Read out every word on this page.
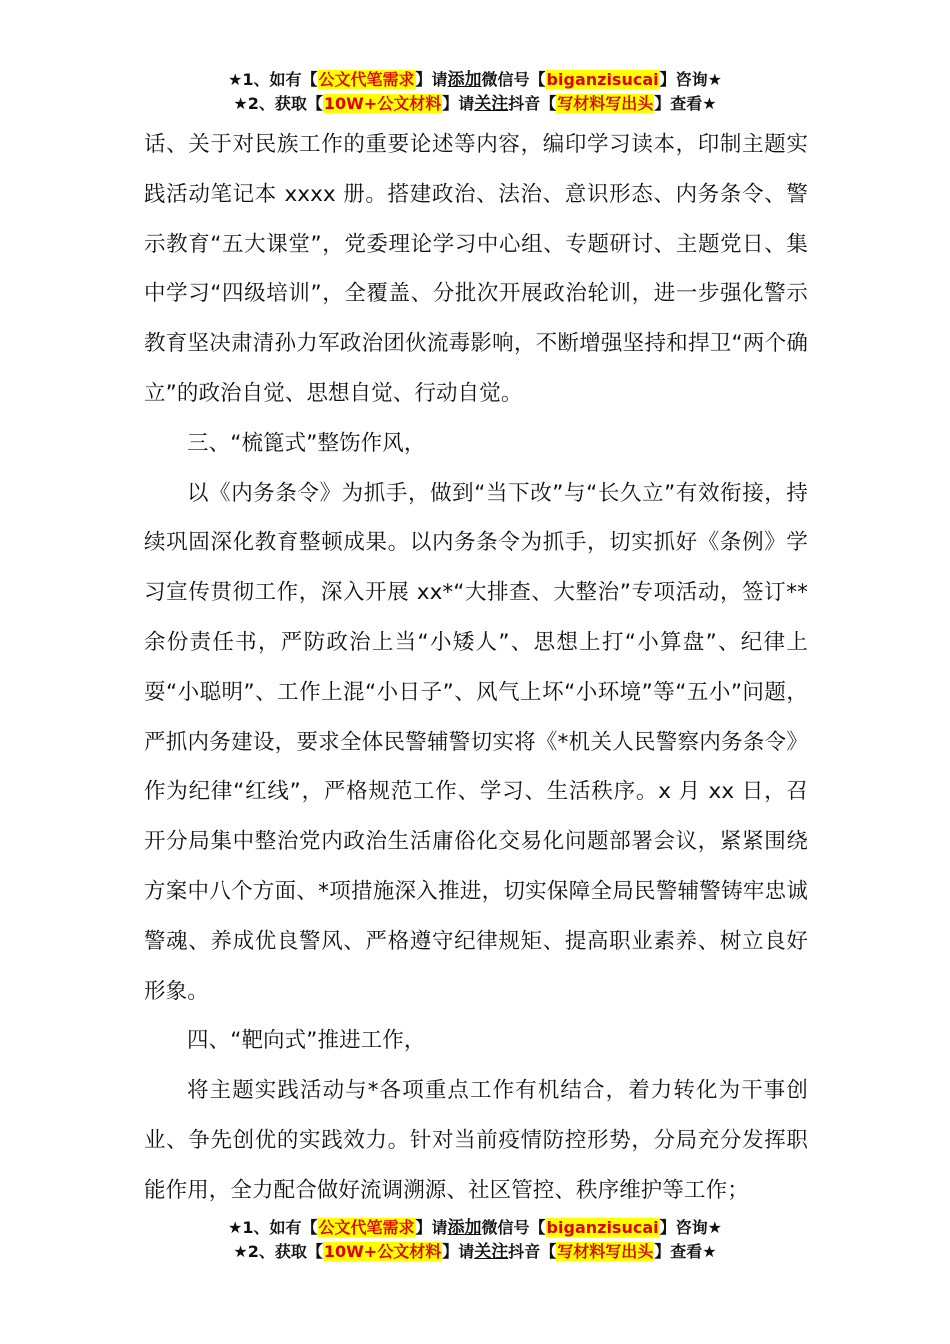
★1、如有【公文代笔需求】请添加微信号【biganzisucai】咨询★
★2、获取【10W+公文材料】请关注抖音【写材料写出头】查看★

话、关于对民族工作的重要论述等内容，编印学习读本，印制主题实践活动笔记本 xxxx 册。搭建政治、法治、意识形态、内务条令、警示教育“五大课堂”，党委理论学习中心组、专题研讨、主题党日、集中学习“四级培训”，全覆盖、分批次开展政治轮训，进一步强化警示教育坚决肃清孙力军政治团伙流毒影响，不断增强坚持和捍卫“两个确立”的政治自觉、思想自觉、行动自觉。

三、“梳篦式”整饬作风，

以《内务条令》为抓手，做到“当下改”与“长久立”有效衔接，持续巩固深化教育整顿成果。以内务条令为抓手，切实抓好《条例》学习宣传贯彻工作，深入开展 xx*“大排查、大整治”专项活动，签订**余份责任书，严防政治上当“小矮人”、思想上打“小算盘”、纪律上耍“小聪明”、工作上混“小日子”、风气上坏“小环境”等“五小”问题，严抓内务建设，要求全体民警辅警切实将《*机关人民警察内务条令》作为纪律“红线”，严格规范工作、学习、生活秩序。x 月 xx 日，召开分局集中整治党内政治生活庸俗化交易化问题部署会议，紧紧围绕方案中八个方面、*项措施深入推进，切实保障全局民警辅警铸牢忠诚警魂、养成优良警风、严格遵守纪律规矩、提高职业素养、树立良好形象。

四、“靶向式”推进工作，

将主题实践活动与*各项重点工作有机结合，着力转化为干事创业、争先创优的实践效力。针对当前疫情防控形势，分局充分发挥职能作用，全力配合做好流调溯源、社区管控、秩序维护等工作；

★1、如有【公文代笔需求】请添加微信号【biganzisucai】咨询★
★2、获取【10W+公文材料】请关注抖音【写材料写出头】查看★
